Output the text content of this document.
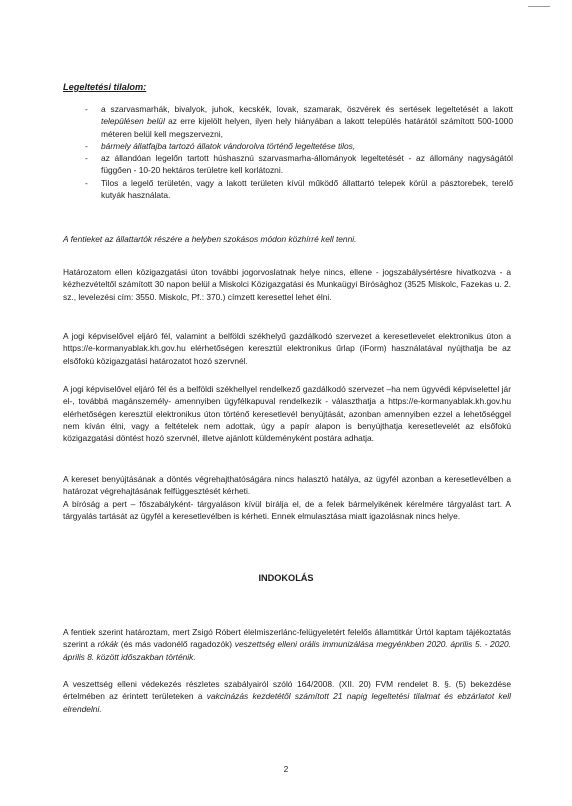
Legeltetési tilalom:
- a szarvasmarhák, bivalyok, juhok, kecskék, lovak, szamarak, öszvérek és sertések legeltetését a lakott településen belül az erre kijelölt helyen, ilyen hely hiányában a lakott település határától számított 500-1000 méteren belül kell megszervezni,
- bármely állatfajba tartozó állatok vándorolva történő legeltetése tilos,
- az állandóan legelőn tartott húshasznú szarvasmarha-állományok legeltetését - az állomány nagyságától függően - 10-20 hektáros területre kell korlátozni.
- Tilos a legelő területén, vagy a lakott területen kívül működő állattartó telepek körül a pásztorebek, terelő kutyák használata.

A fentieket az állattartók részére a helyben szokásos módon közhírré kell tenni.

Határozatom ellen közigazgatási úton további jogorvoslatnak helye nincs, ellene - jogszabálysértésre hivatkozva - a kézhezvételtől számított 30 napon belül a Miskolci Közigazgatási és Munkaügyi Bírósághoz (3525 Miskolc, Fazekas u. 2. sz., levelezési cím: 3550. Miskolc, Pf.: 370.) címzett keresettel lehet élni.

A jogi képviselővel eljáró fél, valamint a belföldi székhelyű gazdálkodó szervezet a keresetlevelet elektronikus úton a https://e-kormanyablak.kh.gov.hu elérhetőségen keresztül elektronikus űrlap (iForm) használatával nyújthatja be az elsőfokú közigazgatási határozatot hozó szervnél.

A jogi képviselővel eljáró fél és a belföldi székhellyel rendelkező gazdálkodó szervezet –ha nem ügyvédi képviselettel jár el-, továbbá magánszemély- amennyiben ügyfélkapuval rendelkezik - választhatja a https://e-kormanyablak.kh.gov.hu elérhetőségen keresztül elektronikus úton történő keresetlevél benyújtását, azonban amennyiben ezzel a lehetőséggel nem kíván élni, vagy a feltételek nem adottak, úgy a papír alapon is benyújthatja keresetlevelét az elsőfokú közigazgatási döntést hozó szervnél, illetve ajánlott küldeményként postára adhatja.

A kereset benyújtásának a döntés végrehajthatóságára nincs halasztó hatálya, az ügyfél azonban a keresetlevélben a határozat végrehajtásának felfüggesztését kérheti.
A bíróság a pert – főszabályként- tárgyaláson kívül bírálja el, de a felek bármelyikének kérelmére tárgyalást tart. A tárgyalás tartását az ügyfél a keresetlevélben is kérheti. Ennek elmulasztása miatt igazolásnak nincs helye.

INDOKOLÁS

A fentiek szerint határoztam, mert Zsigó Róbert élelmiszerlánc-felügyeletért felelős államtitkár Úrtól kaptam tájékoztatás szerint a rókák (és más vadonélő ragadozók) veszettség elleni orális immunizálása megyénkben 2020. április 5. - 2020. április 8. között időszakban történik.

A veszettség elleni védekezés részletes szabályairól szóló 164/2008. (XII. 20) FVM rendelet 8. §. (5) bekezdése értelmében az érintett területeken a vakcinázás kezdetétől számított 21 napig legeltetési tilalmat és ebzárlatot kell elrendelni.

2
